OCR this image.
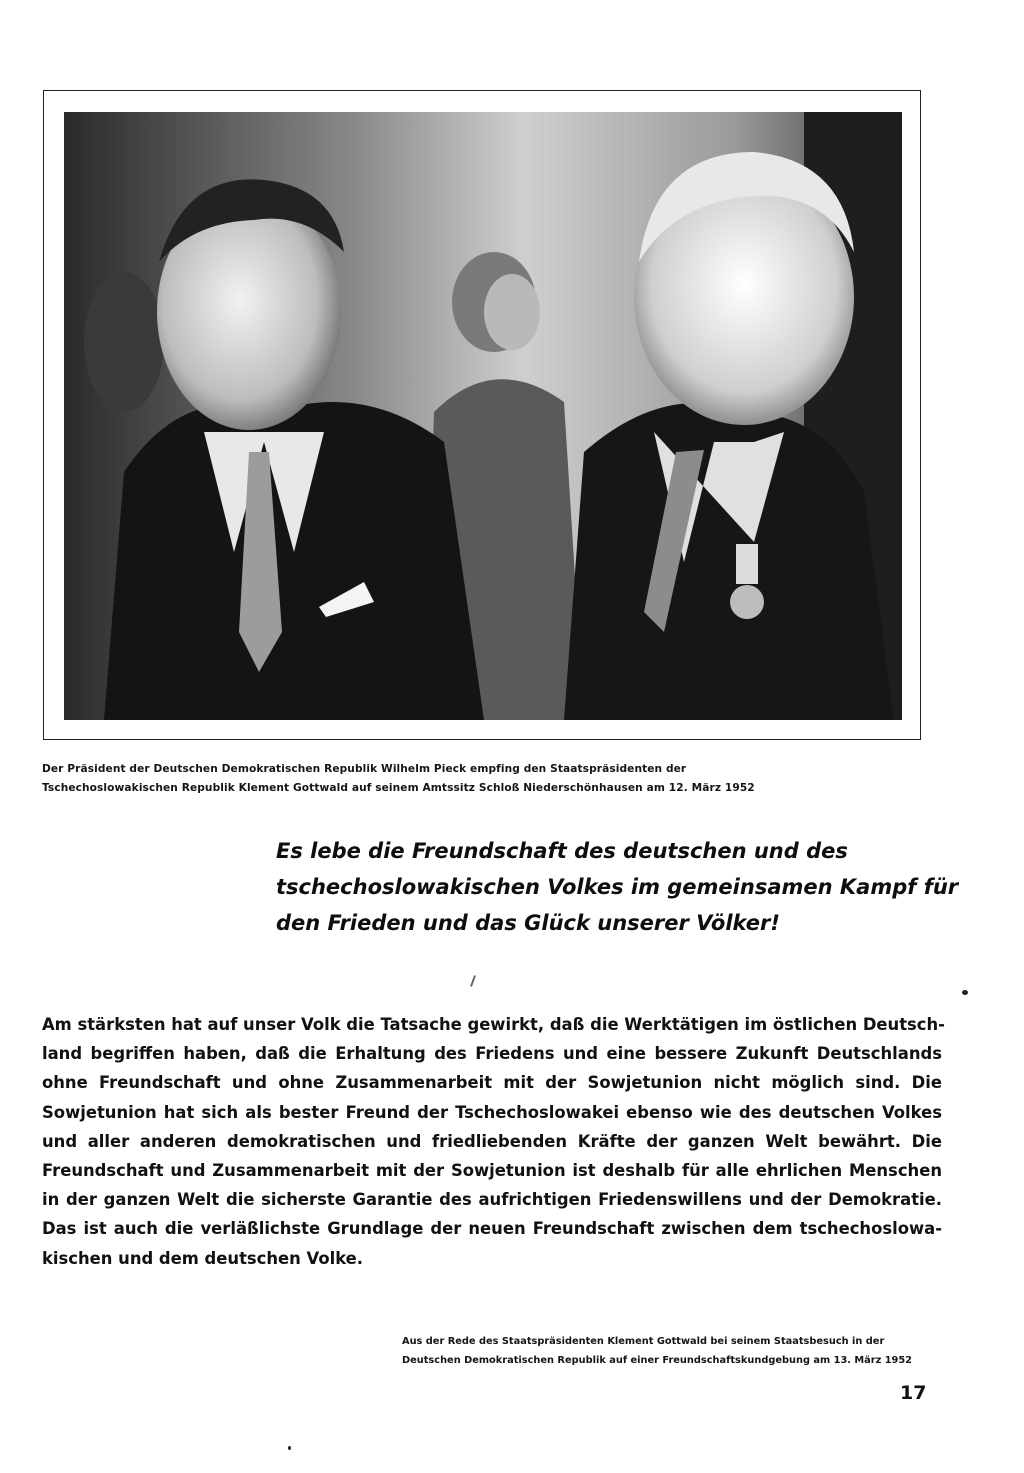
Der Präsident der Deutschen Demokratischen Republik Wilhelm Pieck empfing den Staatspräsidenten der
Tschechoslowakischen Republik Klement Gottwald auf seinem Amtssitz Schloß Niederschönhausen am 12. März 1952
Es lebe die Freundschaft des deutschen und des
tschechoslowakischen Volkes im gemeinsamen Kampf für
den Frieden und das Glück unserer Völker!
Am stärksten hat auf unser Volk die Tatsache gewirkt, daß die Werktätigen im östlichen Deutsch-
land begriffen haben, daß die Erhaltung des Friedens und eine bessere Zukunft Deutschlands
ohne Freundschaft und ohne Zusammenarbeit mit der Sowjetunion nicht möglich sind. Die
Sowjetunion hat sich als bester Freund der Tschechoslowakei ebenso wie des deutschen Volkes
und aller anderen demokratischen und friedliebenden Kräfte der ganzen Welt bewährt. Die
Freundschaft und Zusammenarbeit mit der Sowjetunion ist deshalb für alle ehrlichen Menschen
in der ganzen Welt die sicherste Garantie des aufrichtigen Friedenswillens und der Demokratie.
Das ist auch die verläßlichste Grundlage der neuen Freundschaft zwischen dem tschechoslowa-
kischen und dem deutschen Volke.
Aus der Rede des Staatspräsidenten Klement Gottwald bei seinem Staatsbesuch in der
Deutschen Demokratischen Republik auf einer Freundschaftskundgebung am 13. März 1952
17
